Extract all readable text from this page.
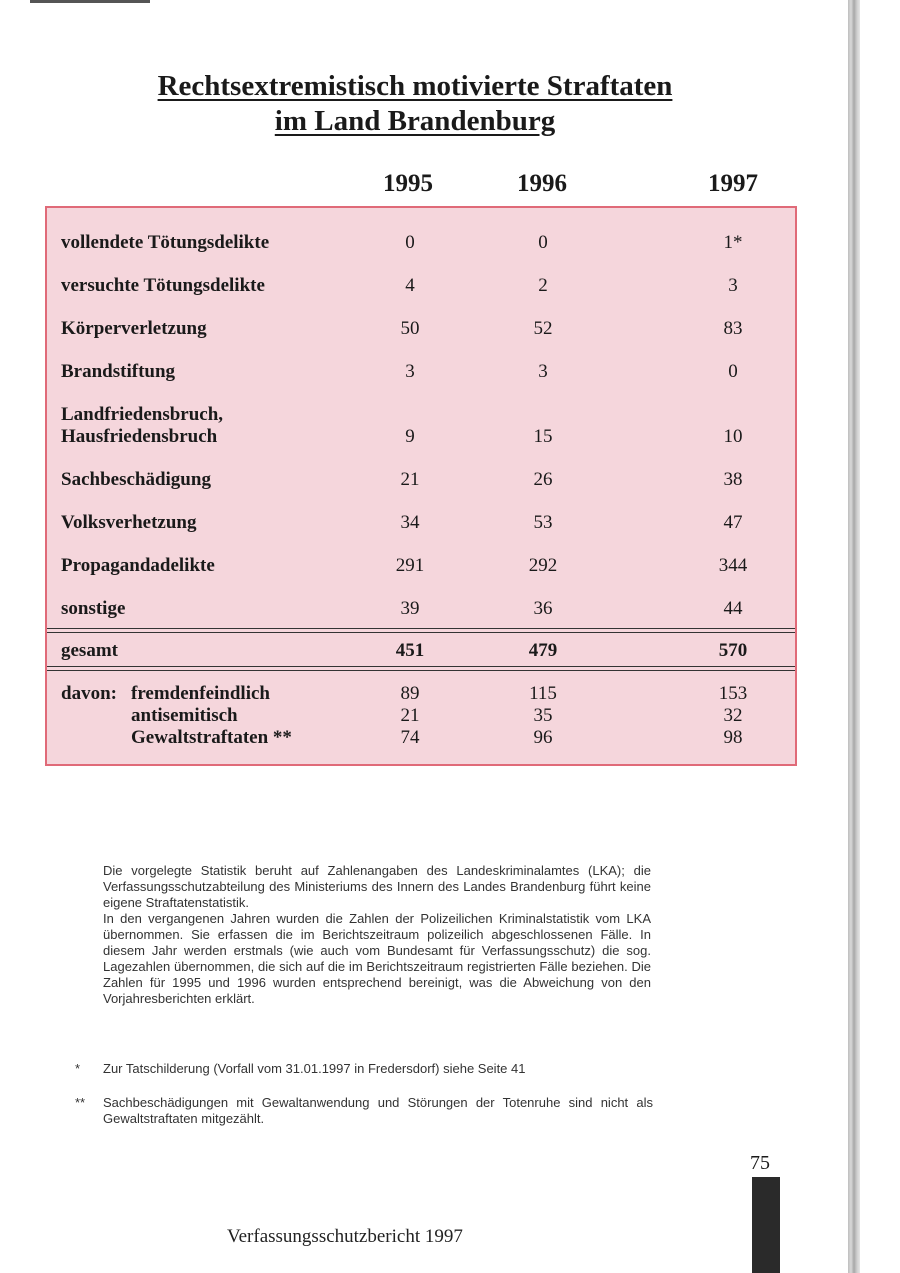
Rechtsextremistisch motivierte Straftaten
im Land Brandenburg
1995	1996	1997
vollendete Tötungsdelikte	0	0	1*
versuchte Tötungsdelikte	4	2	3
Körperverletzung	50	52	83
Brandstiftung	3	3	0
Landfriedensbruch,
Hausfriedensbruch	9	15	10
Sachbeschädigung	21	26	38
Volksverhetzung	34	53	47
Propagandadelikte	291	292	344
sonstige	39	36	44
gesamt	451	479	570
davon: fremdenfeindlich	89	115	153
antisemitisch	21	35	32
Gewaltstraftaten **	74	96	98

Die vorgelegte Statistik beruht auf Zahlenangaben des Landeskriminalamtes (LKA); die Verfassungsschutzabteilung des Ministeriums des Innern des Landes Brandenburg führt keine eigene Straftatenstatistik.

In den vergangenen Jahren wurden die Zahlen der Polizeilichen Kriminalstatistik vom LKA übernommen. Sie erfassen die im Berichtszeitraum polizeilich abgeschlossenen Fälle. In diesem Jahr werden erstmals (wie auch vom Bundesamt für Verfassungsschutz) die sog. Lagezahlen übernommen, die sich auf die im Berichtszeitraum registrierten Fälle beziehen. Die Zahlen für 1995 und 1996 wurden entsprechend bereinigt, was die Abweichung von den Vorjahresberichten erklärt.

* Zur Tatschilderung (Vorfall vom 31.01.1997 in Fredersdorf) siehe Seite 41
** Sachbeschädigungen mit Gewaltanwendung und Störungen der Totenruhe sind nicht als Gewaltstraftaten mitgezählt.
75
Verfassungsschutzbericht 1997
